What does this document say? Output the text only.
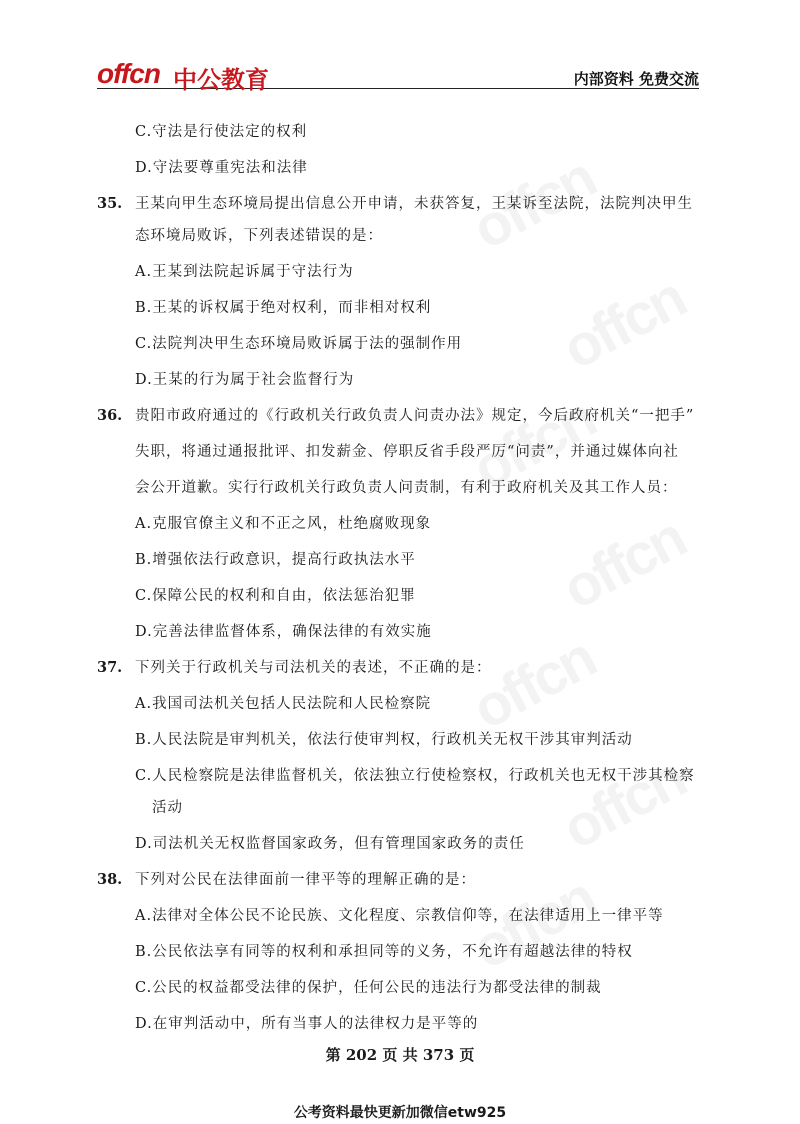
offcn 中公教育	内部资料 免费交流
C.守法是行使法定的权利
D.守法要尊重宪法和法律
35. 王某向甲生态环境局提出信息公开申请，未获答复，王某诉至法院，法院判决甲生
态环境局败诉，下列表述错误的是：
A.王某到法院起诉属于守法行为
B.王某的诉权属于绝对权利，而非相对权利
C.法院判决甲生态环境局败诉属于法的强制作用
D.王某的行为属于社会监督行为
36. 贵阳市政府通过的《行政机关行政负责人问责办法》规定，今后政府机关“一把手”
失职，将通过通报批评、扣发薪金、停职反省手段严厉“问责”，并通过媒体向社
会公开道歉。实行行政机关行政负责人问责制，有利于政府机关及其工作人员：
A.克服官僚主义和不正之风，杜绝腐败现象
B.增强依法行政意识，提高行政执法水平
C.保障公民的权利和自由，依法惩治犯罪
D.完善法律监督体系，确保法律的有效实施
37. 下列关于行政机关与司法机关的表述，不正确的是：
A.我国司法机关包括人民法院和人民检察院
B.人民法院是审判机关，依法行使审判权，行政机关无权干涉其审判活动
C.人民检察院是法律监督机关，依法独立行使检察权，行政机关也无权干涉其检察
活动
D.司法机关无权监督国家政务，但有管理国家政务的责任
38. 下列对公民在法律面前一律平等的理解正确的是：
A.法律对全体公民不论民族、文化程度、宗教信仰等，在法律适用上一律平等
B.公民依法享有同等的权利和承担同等的义务，不允许有超越法律的特权
C.公民的权益都受法律的保护，任何公民的违法行为都受法律的制裁
D.在审判活动中，所有当事人的法律权力是平等的
第 202 页 共 373 页
公考资料最快更新加微信etw925
